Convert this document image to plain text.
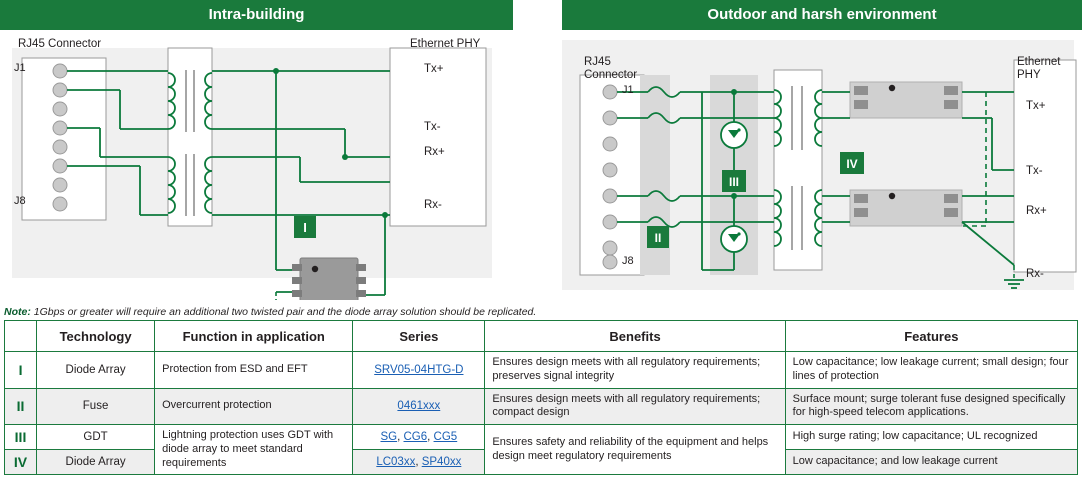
Intra-building
I
RJ45 Connector	Ethernet PHY
J1
J8
Tx+
Tx-
Rx+
Rx-
Outdoor and harsh environment
II
III
IV
RJ45
Connector
Ethernet
PHY
J1
J8
Tx+
Tx-
Rx+
Rx-
Note: 1Gbps or greater will require an additional two twisted pair and the diode array solution should be replicated.
	Technology	Function in application	Series	Benefits	Features
I	Diode Array	Protection from ESD and EFT	SRV05-04HTG-D	Ensures design meets with all regulatory requirements; preserves signal integrity	Low capacitance; low leakage current; small design; four lines of protection
II	Fuse	Overcurrent protection	0461xxx	Ensures design meets with all regulatory requirements; compact design	Surface mount; surge tolerant fuse designed specifically for high-speed telecom applications.
III	GDT	Lightning protection uses GDT with diode array to meet standard requirements	SG, CG6, CG5	Ensures safety and reliability of the equipment and helps design meet regulatory requirements	High surge rating; low capacitance; UL recognized
IV	Diode Array		LC03xx, SP40xx		Low capacitance; and low leakage current
